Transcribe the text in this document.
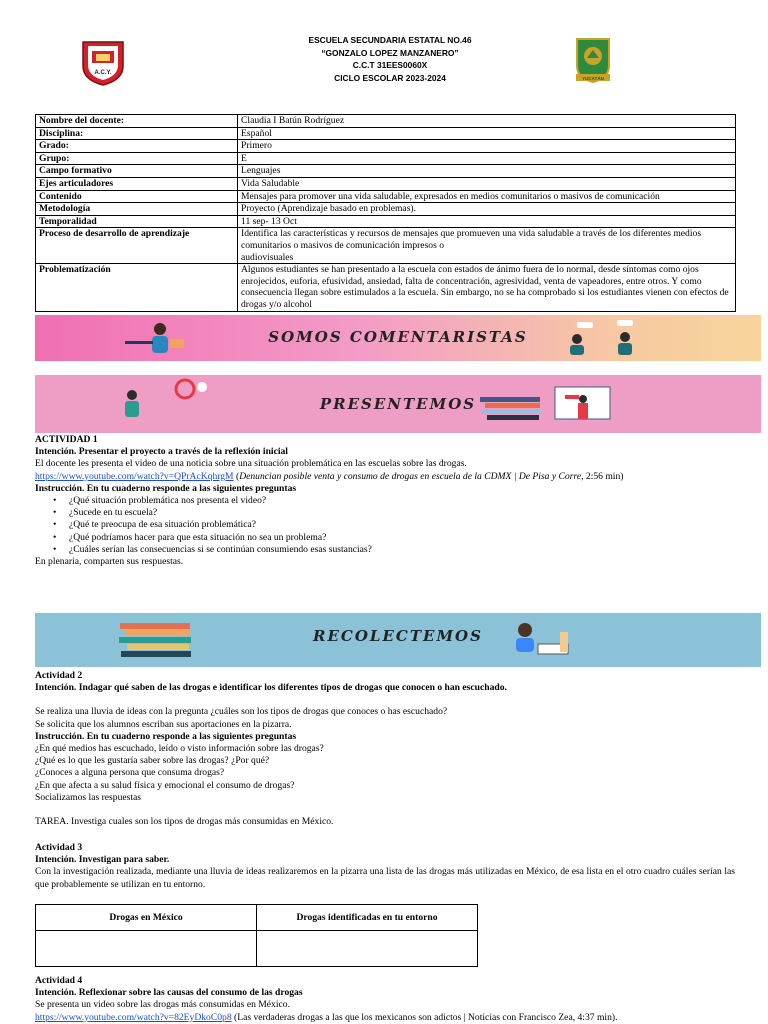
A.C.Y.
ESCUELA SECUNDARIA ESTATAL NO.46
“GONZALO LOPEZ MANZANERO”
C.C.T 31EES0060X
CICLO ESCOLAR 2023-2024	YUCATÁN
Nombre del docente:	Claudia I Batún Rodríguez
Disciplina:	Español
Grado:	Primero
Grupo:	E
Campo formativo	Lenguajes
Ejes articuladores	Vida Saludable
Contenido	Mensajes para promover una vida saludable, expresados en medios comunitarios o masivos de comunicación
Metodología	Proyecto (Aprendizaje basado en problemas).
Temporalidad	11 sep- 13 Oct
Proceso de desarrollo de aprendizaje	Identifica las características y recursos de mensajes que promueven una vida saludable a través de los diferentes medios comunitarios o masivos de comunicación impresos o
audiovisuales
Problematización	Algunos estudiantes se han presentado a la escuela con estados de ánimo fuera de lo normal, desde síntomas como ojos enrojecidos, euforia, efusividad, ansiedad, falta de concentración, agresividad, venta de vapeadores, entre otros. Y como consecuencia llegan sobre estimulados a la escuela. Sin embargo, no se ha comprobado si los estudiantes vienen con efectos de drogas y/o alcohol
SOMOS COMENTARISTAS
PRESENTEMOS
ACTIVIDAD 1
Intención. Presentar el proyecto a través de la reflexión inicial
El docente les presenta el video de una noticia sobre una situación problemática en las escuelas sobre las drogas.
https://www.youtube.com/watch?v=QPrAcKqhrgM (Denuncian posible venta y consumo de drogas en escuela de la CDMX | De Pisa y Corre, 2:56 min)
Instrucción. En tu cuaderno responde a las siguientes preguntas
• ¿Qué situación problemática nos presenta el video?
• ¿Sucede en tu escuela?
• ¿Qué te preocupa de esa situación problemática?
• ¿Qué podríamos hacer para que esta situación no sea un problema?
• ¿Cuáles serían las consecuencias si se continúan consumiendo esas sustancias?
En plenaria, comparten sus respuestas.
RECOLECTEMOS
Actividad 2
Intención. Indagar qué saben de las drogas e identificar los diferentes tipos de drogas que conocen o han escuchado.
Se realiza una lluvia de ideas con la pregunta ¿cuáles son los tipos de drogas que conoces o has escuchado?
Se solicita que los alumnos escriban sus aportaciones en la pizarra.
Instrucción. En tu cuaderno responde a las siguientes preguntas
¿En qué medios has escuchado, leído o visto información sobre las drogas?
¿Qué es lo que les gustaría saber sobre las drogas? ¿Por qué?
¿Conoces a alguna persona que consuma drogas?
¿En que afecta a su salud física y emocional el consumo de drogas?
Socializamos las respuestas
TAREA. Investiga cuales son los tipos de drogas más consumidas en México.
Actividad 3
Intención. Investigan para saber.
Con la investigación realizada, mediante una lluvia de ideas realizaremos en la pizarra una lista de las drogas más utilizadas en México, de esa lista en el otro cuadro cuáles serían las que probablemente se utilizan en tu entorno.
Drogas en México	Drogas identificadas en tu entorno

Actividad 4
Intención. Reflexionar sobre las causas del consumo de las drogas
Se presenta un video sobre las drogas más consumidas en México.
https://www.youtube.com/watch?v=82EyDkoC0p8 (Las verdaderas drogas a las que los mexicanos son adictos | Noticias con Francisco Zea, 4:37 min).
